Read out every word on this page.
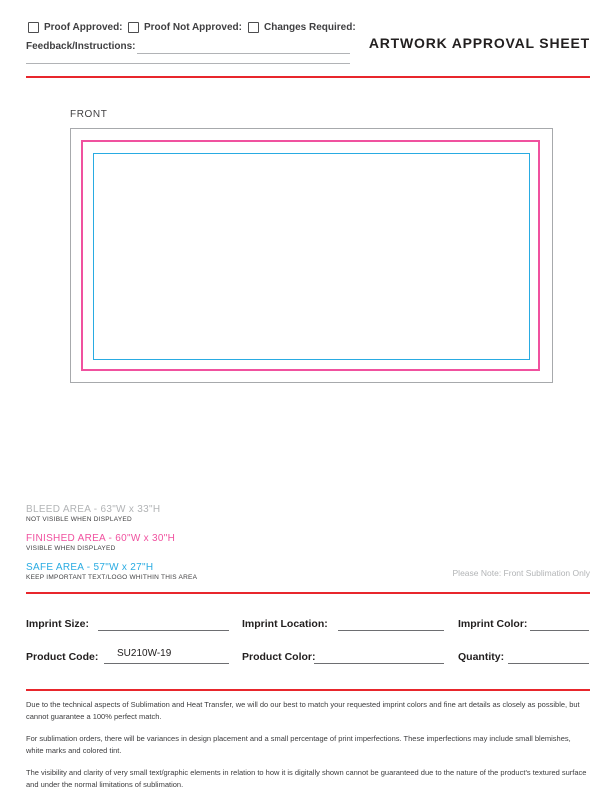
Proof Approved: Proof Not Approved: Changes Required:
Feedback/Instructions:	ARTWORK APPROVAL SHEET
FRONT
BLEED AREA - 63"W x 33"H
NOT VISIBLE WHEN DISPLAYED
FINISHED AREA - 60"W x 30"H
VISIBLE WHEN DISPLAYED
SAFE AREA - 57"W x 27"H
KEEP IMPORTANT TEXT/LOGO WHITHIN THIS AREA	Please Note: Front Sublimation Only
Imprint Size:	Imprint Location:	Imprint Color:
Product Code: SU210W-19	Product Color:	Quantity:

Due to the technical aspects of Sublimation and Heat Transfer, we will do our best to match your requested imprint colors and fine art details as closely as possible, but cannot guarantee a 100% perfect match.

For sublimation orders, there will be variances in design placement and a small percentage of print imperfections. These imperfections may include small blemishes, white marks and colored tint.

The visibility and clarity of very small text/graphic elements in relation to how it is digitally shown cannot be guaranteed due to the nature of the product's textured surface and under the normal limitations of sublimation.
